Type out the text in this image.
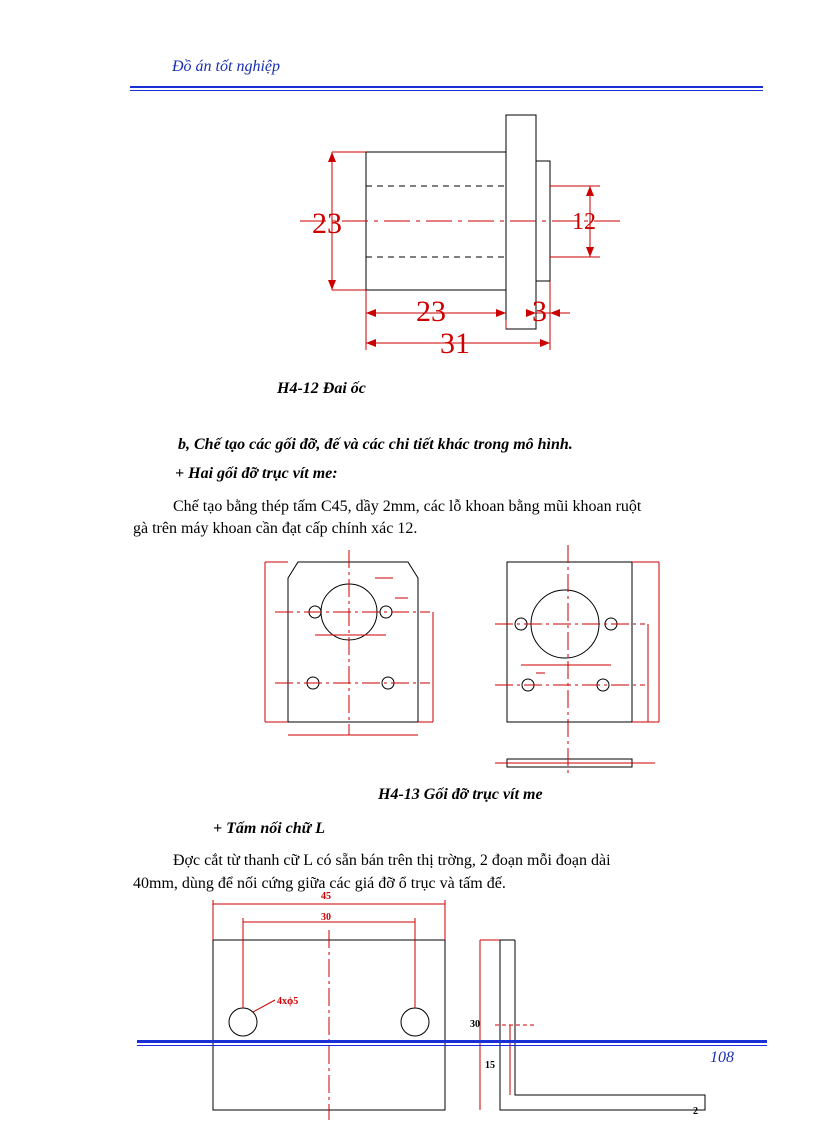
Đồ án tốt nghiệp
23	12
23	3
31
H4-12 Đai ốc
b, Chế tạo các gối đỡ, đế và các chi tiết khác trong mô hình.
+ Hai gối đỡ trục vít me:
Chế tạo bằng thép tấm C45, dầy 2mm, các lỗ khoan bằng mũi khoan ruột
gà trên máy khoan cần đạt cấp chính xác 12.
H4-13 Gối đỡ trục vít me
+ Tấm nối chữ L
Đợc cắt từ thanh cữ L có sẵn bán trên thị trờng, 2 đoạn mỗi đoạn dài
40mm, dùng để nối cứng giữa các giá đỡ ổ trục và tấm đế.
45
30
4xϕ5
30
15
2
108
